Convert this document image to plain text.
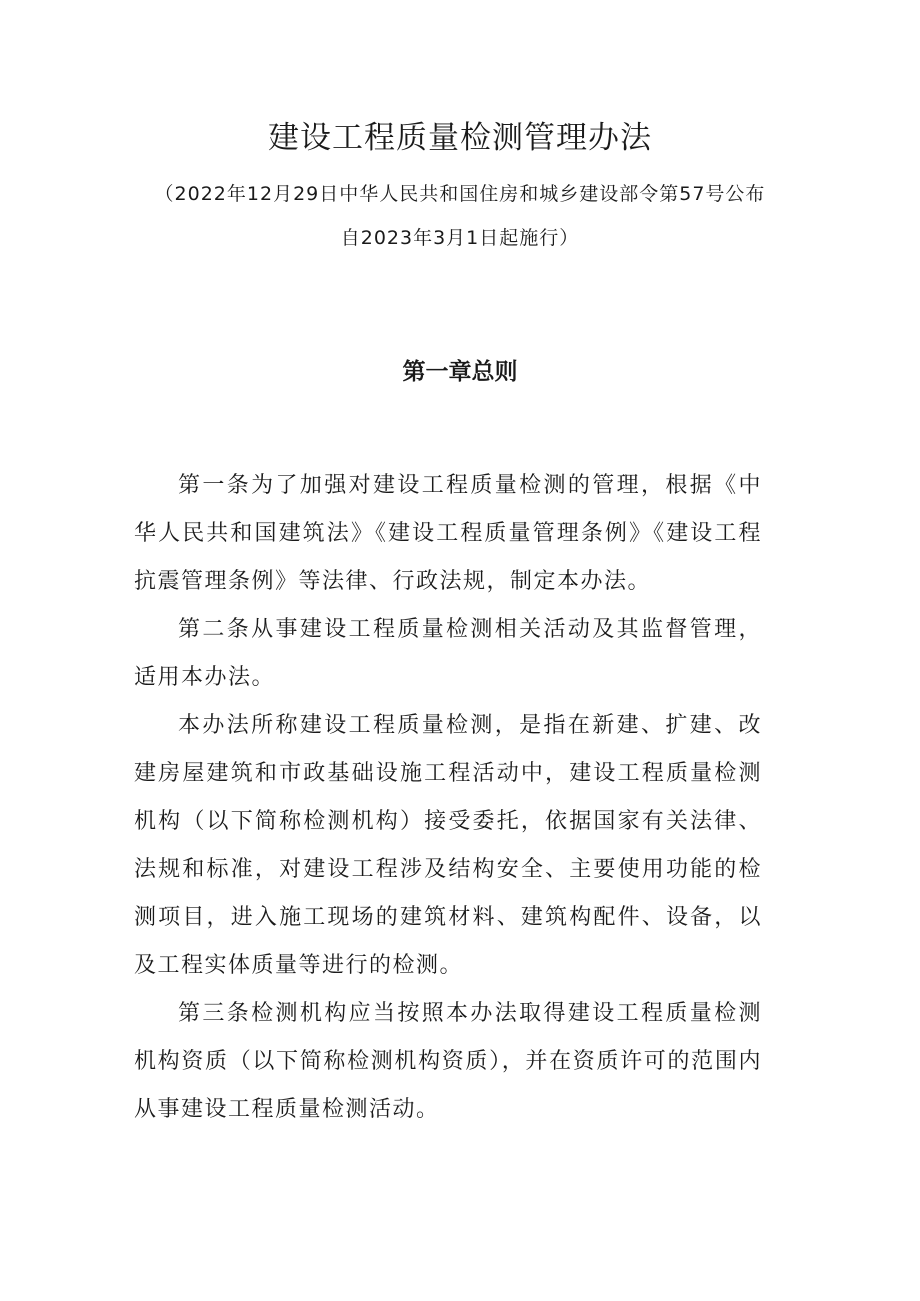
建设工程质量检测管理办法
（2022年12月29日中华人民共和国住房和城乡建设部令第57号公布
自2023年3月1日起施行）
第一章总则

第一条为了加强对建设工程质量检测的管理，根据《中华人民共和国建筑法》《建设工程质量管理条例》《建设工程抗震管理条例》等法律、行政法规，制定本办法。

第二条从事建设工程质量检测相关活动及其监督管理，适用本办法。

本办法所称建设工程质量检测，是指在新建、扩建、改建房屋建筑和市政基础设施工程活动中，建设工程质量检测机构（以下简称检测机构）接受委托，依据国家有关法律、法规和标准，对建设工程涉及结构安全、主要使用功能的检测项目，进入施工现场的建筑材料、建筑构配件、设备，以及工程实体质量等进行的检测。

第三条检测机构应当按照本办法取得建设工程质量检测机构资质（以下简称检测机构资质），并在资质许可的范围内从事建设工程质量检测活动。
